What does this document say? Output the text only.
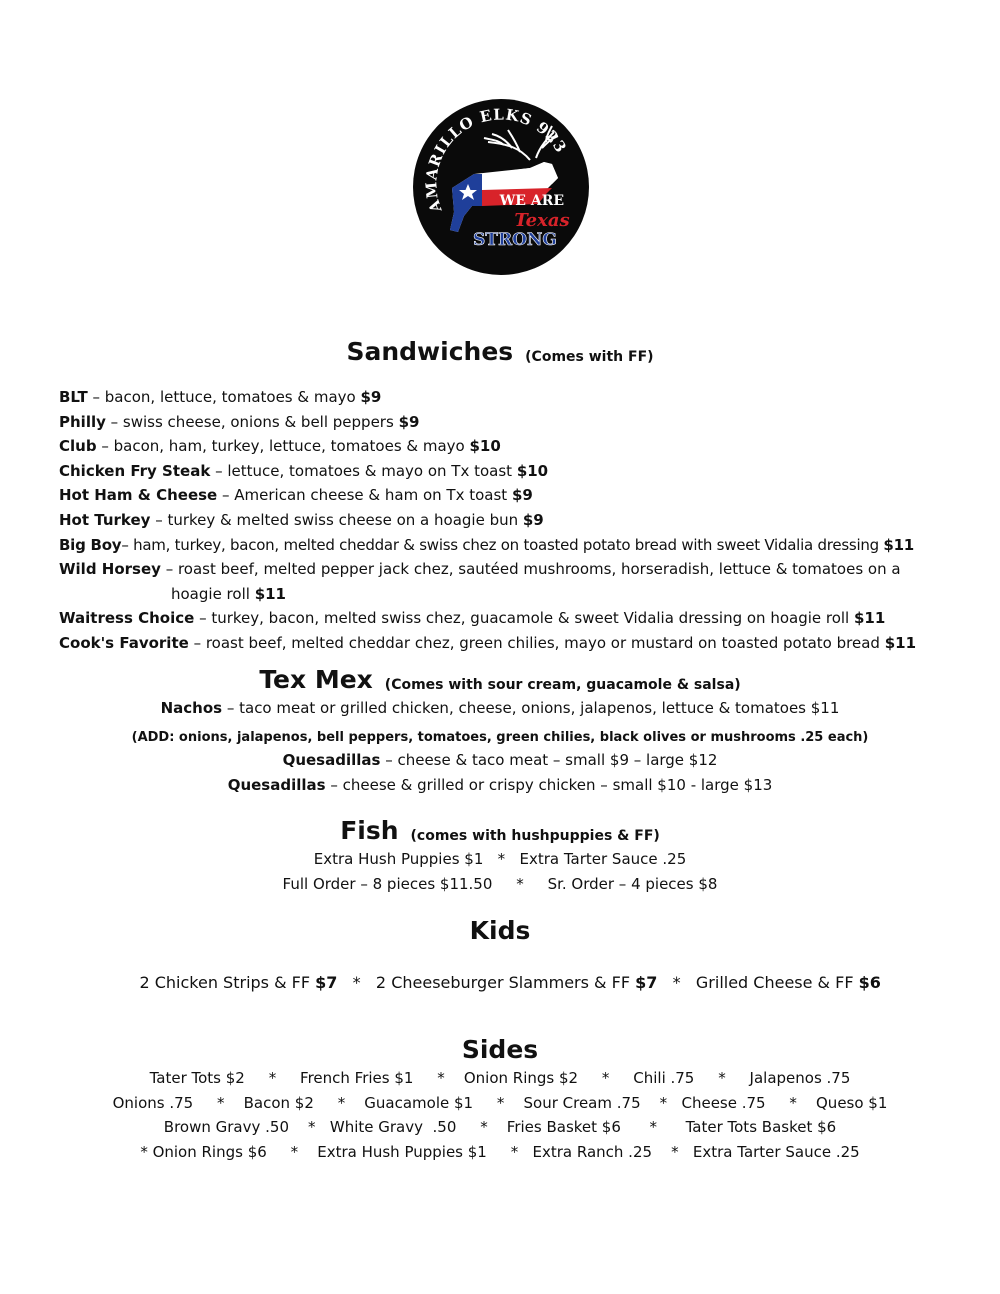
AMARILLO ELKS 923
WE ARE
Texas
STRONG
Sandwiches (Comes with FF)
BLT – bacon, lettuce, tomatoes & mayo $9
Philly – swiss cheese, onions & bell peppers $9
Club – bacon, ham, turkey, lettuce, tomatoes & mayo $10
Chicken Fry Steak – lettuce, tomatoes & mayo on Tx toast $10
Hot Ham & Cheese – American cheese & ham on Tx toast $9
Hot Turkey – turkey & melted swiss cheese on a hoagie bun $9
Big Boy– ham, turkey, bacon, melted cheddar & swiss chez on toasted potato bread with sweet Vidalia dressing $11
Wild Horsey – roast beef, melted pepper jack chez, sautéed mushrooms, horseradish, lettuce & tomatoes on a
hoagie roll $11
Waitress Choice – turkey, bacon, melted swiss chez, guacamole & sweet Vidalia dressing on hoagie roll $11
Cook's Favorite – roast beef, melted cheddar chez, green chilies, mayo or mustard on toasted potato bread $11
Tex Mex (Comes with sour cream, guacamole & salsa)
Nachos – taco meat or grilled chicken, cheese, onions, jalapenos, lettuce & tomatoes $11
(ADD: onions, jalapenos, bell peppers, tomatoes, green chilies, black olives or mushrooms .25 each)
Quesadillas – cheese & taco meat – small $9 – large $12
Quesadillas – cheese & grilled or crispy chicken – small $10 - large $13
Fish (comes with hushpuppies & FF)
Extra Hush Puppies $1   *   Extra Tarter Sauce .25
Full Order – 8 pieces $11.50     *     Sr. Order – 4 pieces $8
Kids

2 Chicken Strips & FF $7   *   2 Cheeseburger Slammers & FF $7   *   Grilled Cheese & FF $6

Sides
Tater Tots $2     *     French Fries $1     *    Onion Rings $2     *     Chili .75     *     Jalapenos .75
Onions .75     *    Bacon $2     *    Guacamole $1     *    Sour Cream .75    *   Cheese .75     *    Queso $1
Brown Gravy .50    *   White Gravy  .50     *    Fries Basket $6      *      Tater Tots Basket $6
* Onion Rings $6     *    Extra Hush Puppies $1     *   Extra Ranch .25    *   Extra Tarter Sauce .25
